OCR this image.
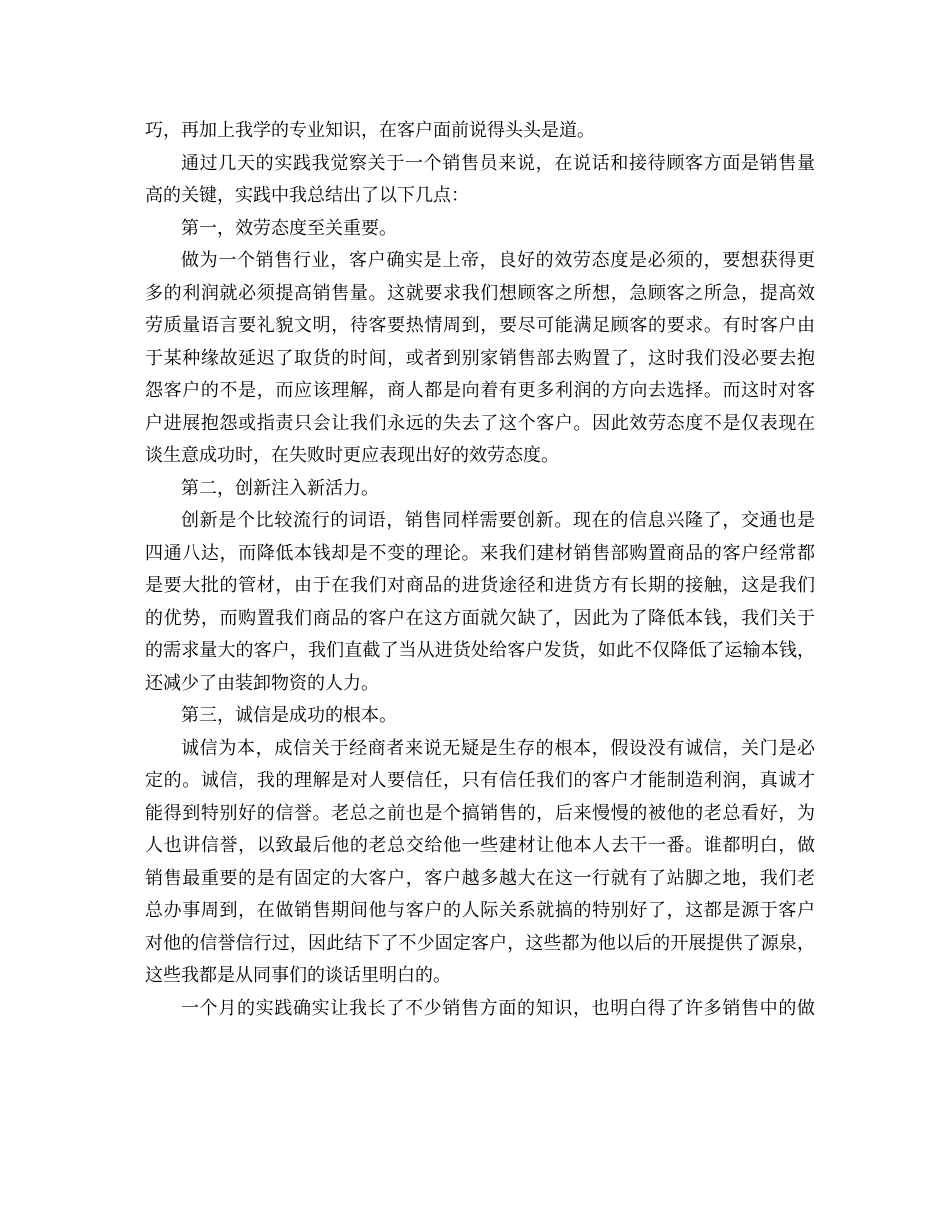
巧，再加上我学的专业知识，在客户面前说得头头是道。
通过几天的实践我觉察关于一个销售员来说，在说话和接待顾客方面是销售量
高的关键，实践中我总结出了以下几点：
第一，效劳态度至关重要。
做为一个销售行业，客户确实是上帝，良好的效劳态度是必须的，要想获得更
多的利润就必须提高销售量。这就要求我们想顾客之所想，急顾客之所急，提高效
劳质量语言要礼貌文明，待客要热情周到，要尽可能满足顾客的要求。有时客户由
于某种缘故延迟了取货的时间，或者到别家销售部去购置了，这时我们没必要去抱
怨客户的不是，而应该理解，商人都是向着有更多利润的方向去选择。而这时对客
户进展抱怨或指责只会让我们永远的失去了这个客户。因此效劳态度不是仅表现在
谈生意成功时，在失败时更应表现出好的效劳态度。
第二，创新注入新活力。
创新是个比较流行的词语，销售同样需要创新。现在的信息兴隆了，交通也是
四通八达，而降低本钱却是不变的理论。来我们建材销售部购置商品的客户经常都
是要大批的管材，由于在我们对商品的进货途径和进货方有长期的接触，这是我们
的优势，而购置我们商品的客户在这方面就欠缺了，因此为了降低本钱，我们关于
的需求量大的客户，我们直截了当从进货处给客户发货，如此不仅降低了运输本钱，
还减少了由装卸物资的人力。
第三，诚信是成功的根本。
诚信为本，成信关于经商者来说无疑是生存的根本，假设没有诚信，关门是必
定的。诚信，我的理解是对人要信任，只有信任我们的客户才能制造利润，真诚才
能得到特别好的信誉。老总之前也是个搞销售的，后来慢慢的被他的老总看好，为
人也讲信誉，以致最后他的老总交给他一些建材让他本人去干一番。谁都明白，做
销售最重要的是有固定的大客户，客户越多越大在这一行就有了站脚之地，我们老
总办事周到，在做销售期间他与客户的人际关系就搞的特别好了，这都是源于客户
对他的信誉信行过，因此结下了不少固定客户，这些都为他以后的开展提供了源泉，
这些我都是从同事们的谈话里明白的。
一个月的实践确实让我长了不少销售方面的知识，也明白得了许多销售中的做
